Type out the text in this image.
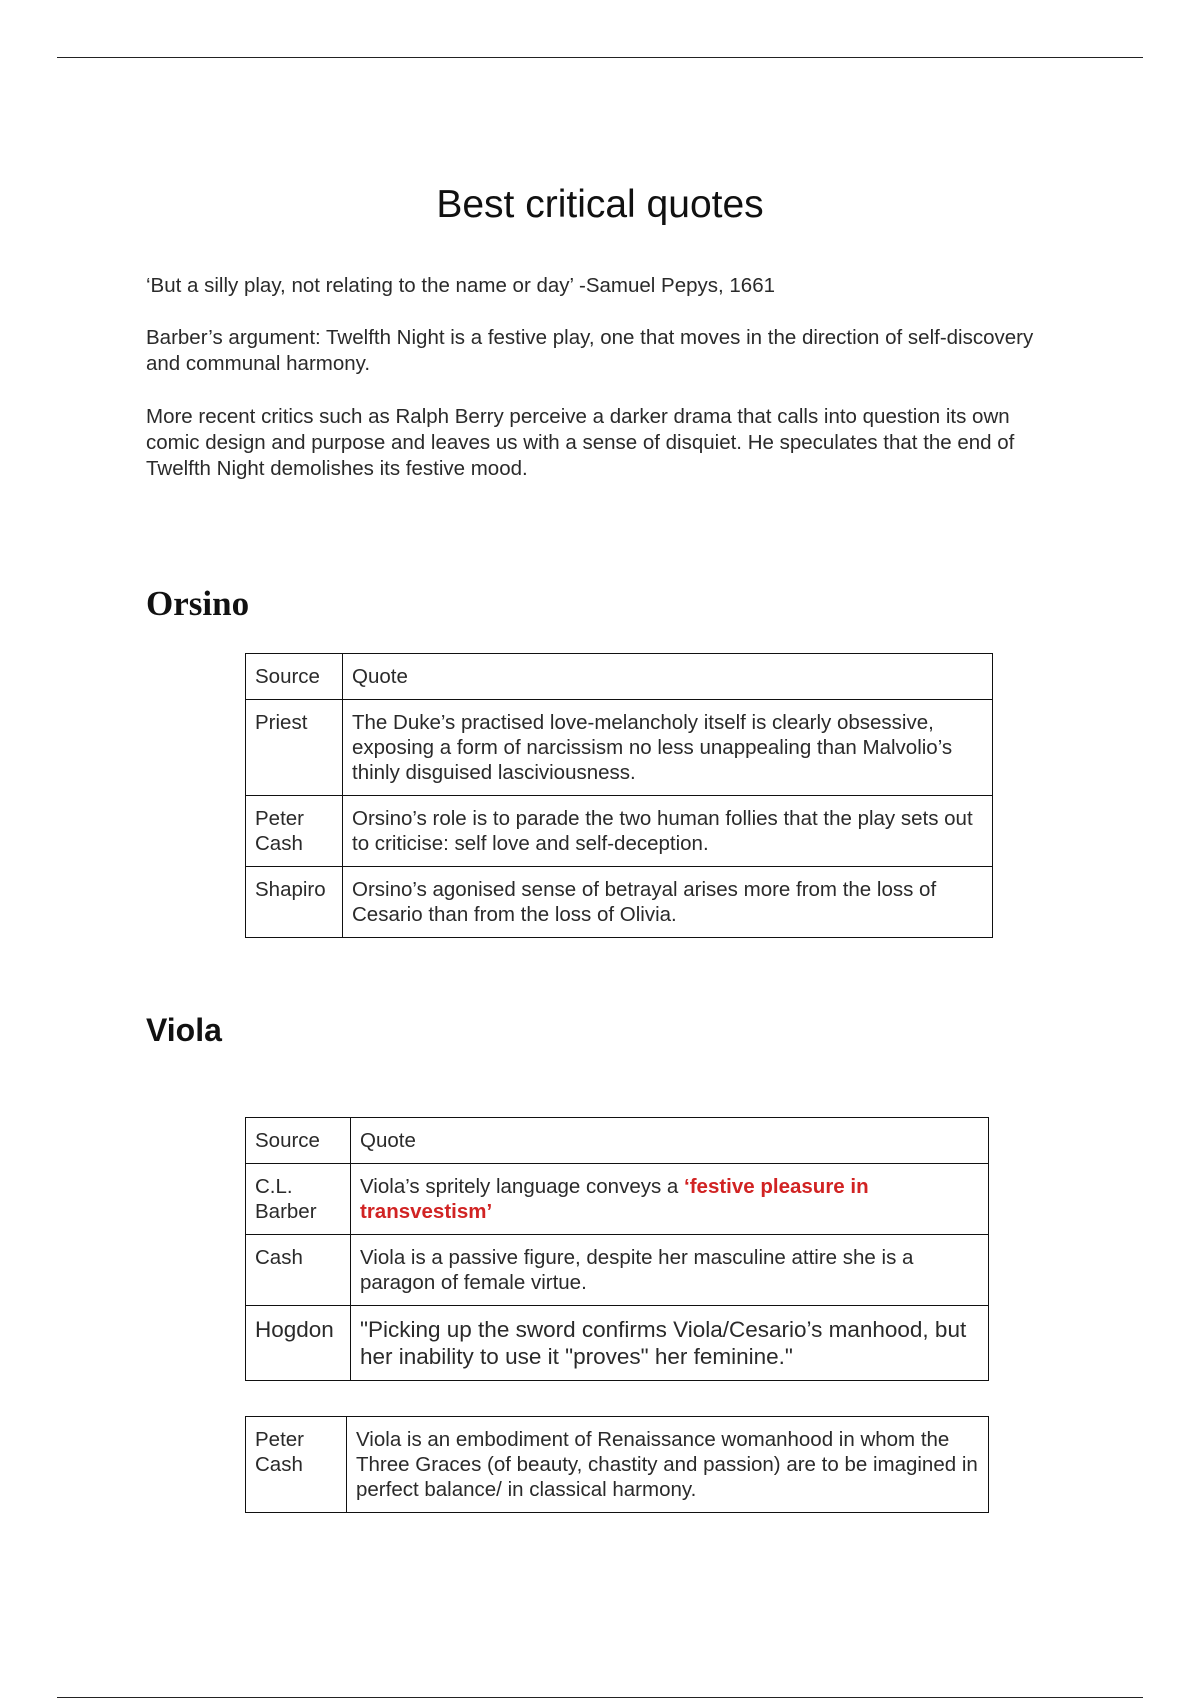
Best critical quotes
‘But a silly play, not relating to the name or day’ -Samuel Pepys, 1661
Barber’s argument: Twelfth Night is a festive play, one that moves in the direction of self-discovery and communal harmony.
More recent critics such as Ralph Berry perceive a darker drama that calls into question its own comic design and purpose and leaves us with a sense of disquiet. He speculates that the end of Twelfth Night demolishes its festive mood.
Orsino
Source	Quote
Priest	The Duke’s practised love-melancholy itself is clearly obsessive, exposing a form of narcissism no less unappealing than Malvolio’s thinly disguised lasciviousness.
Peter Cash	Orsino’s role is to parade the two human follies that the play sets out to criticise: self love and self-deception.
Shapiro	Orsino’s agonised sense of betrayal arises more from the loss of Cesario than from the loss of Olivia.
Viola
Source	Quote
C.L. Barber	Viola’s spritely language conveys a ‘festive pleasure in transvestism’
Cash	Viola is a passive figure, despite her masculine attire she is a paragon of female virtue.
Hogdon	"Picking up the sword confirms Viola/Cesario’s manhood, but her inability to use it "proves" her feminine."
Peter Cash	Viola is an embodiment of Renaissance womanhood in whom the Three Graces (of beauty, chastity and passion) are to be imagined in perfect balance/ in classical harmony.
